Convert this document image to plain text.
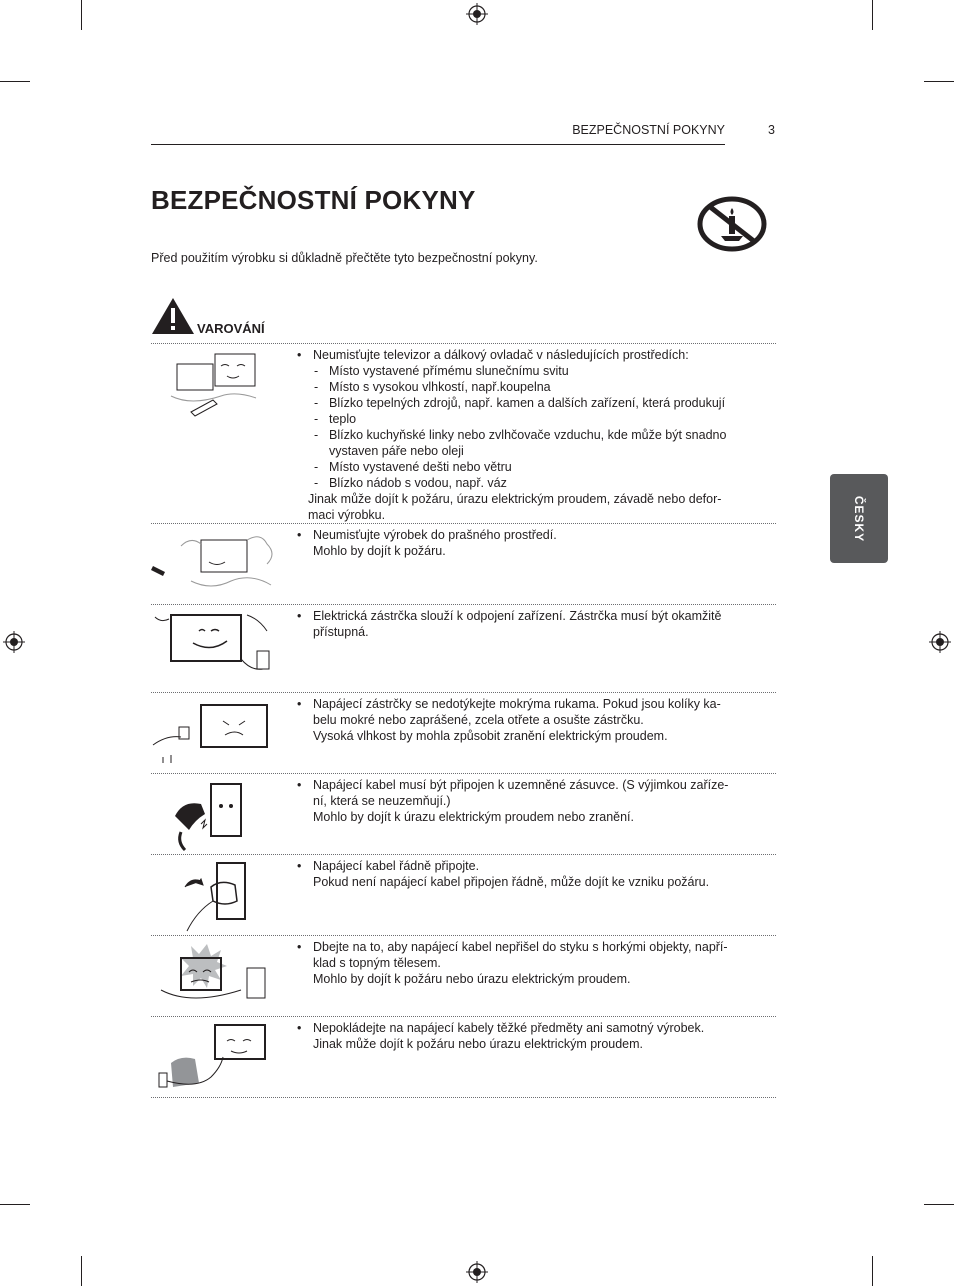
BEZPEČNOSTNÍ POKYNY	3
BEZPEČNOSTNÍ POKYNY
Před použitím výrobku si důkladně přečtěte tyto bezpečnostní pokyny.
VAROVÁNÍ
ČESKY
• Neumisťujte televizor a dálkový ovladač v následujících prostředích:
- Místo vystavené přímému slunečnímu svitu
- Místo s vysokou vlhkostí, např.koupelna
- Blízko tepelných zdrojů, např. kamen a dalších zařízení, která produkují
- teplo
- Blízko kuchyňské linky nebo zvlhčovače vzduchu, kde může být snadno
vystaven páře nebo oleji
- Místo vystavené dešti nebo větru
- Blízko nádob s vodou, např. váz
Jinak může dojít k požáru, úrazu elektrickým proudem, závadě nebo defor-
maci výrobku.
• Neumisťujte výrobek do prašného prostředí.
Mohlo by dojít k požáru.
• Elektrická zástrčka slouží k odpojení zařízení. Zástrčka musí být okamžitě
přístupná.
• Napájecí zástrčky se nedotýkejte mokrýma rukama. Pokud jsou kolíky ka-
belu mokré nebo zaprášené, zcela otřete a osušte zástrčku.
Vysoká vlhkost by mohla způsobit zranění elektrickým proudem.
• Napájecí kabel musí být připojen k uzemněné zásuvce. (S výjimkou zaříze-
ní, která se neuzemňují.)
Mohlo by dojít k úrazu elektrickým proudem nebo zranění.
• Napájecí kabel řádně připojte.
Pokud není napájecí kabel připojen řádně, může dojít ke vzniku požáru.
• Dbejte na to, aby napájecí kabel nepřišel do styku s horkými objekty, napří-
klad s topným tělesem.
Mohlo by dojít k požáru nebo úrazu elektrickým proudem.
• Nepokládejte na napájecí kabely těžké předměty ani samotný výrobek.
Jinak může dojít k požáru nebo úrazu elektrickým proudem.
